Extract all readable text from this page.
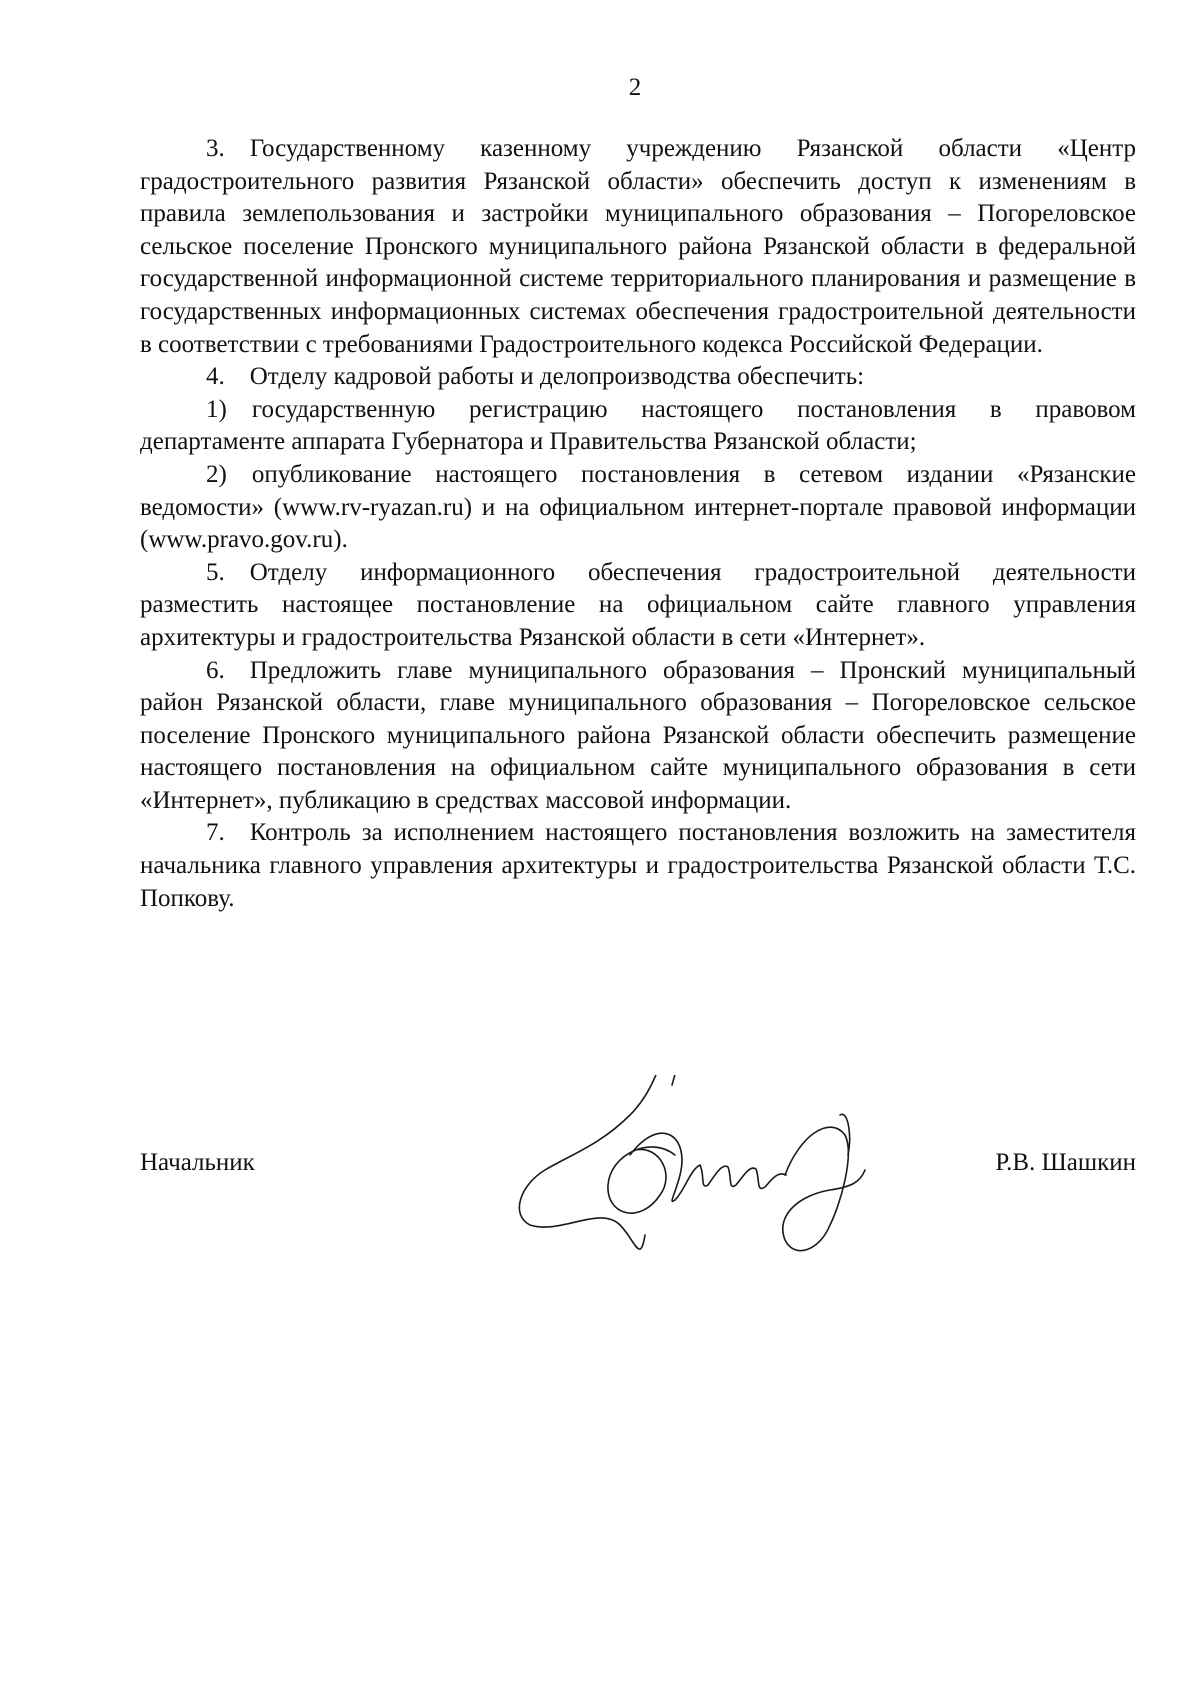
2

3. Государственному казенному учреждению Рязанской области «Центр градостроительного развития Рязанской области» обеспечить доступ к изменениям в правила землепользования и застройки муниципального образования – Погореловское сельское поселение Пронского муниципального района Рязанской области в федеральной государственной информационной системе территориального планирования и размещение в государственных информационных системах обеспечения градостроительной деятельности в соответствии с требованиями Градостроительного кодекса Российской Федерации.

4. Отделу кадровой работы и делопроизводства обеспечить:

1) государственную регистрацию настоящего постановления в правовом департаменте аппарата Губернатора и Правительства Рязанской области;

2) опубликование настоящего постановления в сетевом издании «Рязанские ведомости» (www.rv-ryazan.ru) и на официальном интернет-портале правовой информации (www.pravo.gov.ru).

5. Отделу информационного обеспечения градостроительной деятельности разместить настоящее постановление на официальном сайте главного управления архитектуры и градостроительства Рязанской области в сети «Интернет».

6. Предложить главе муниципального образования – Пронский муниципальный район Рязанской области, главе муниципального образования – Погореловское сельское поселение Пронского муниципального района Рязанской области обеспечить размещение настоящего постановления на официальном сайте муниципального образования в сети «Интернет», публикацию в средствах массовой информации.

7. Контроль за исполнением настоящего постановления возложить на заместителя начальника главного управления архитектуры и градостроительства Рязанской области Т.С. Попкову.

Начальник	Р.В. Шашкин
